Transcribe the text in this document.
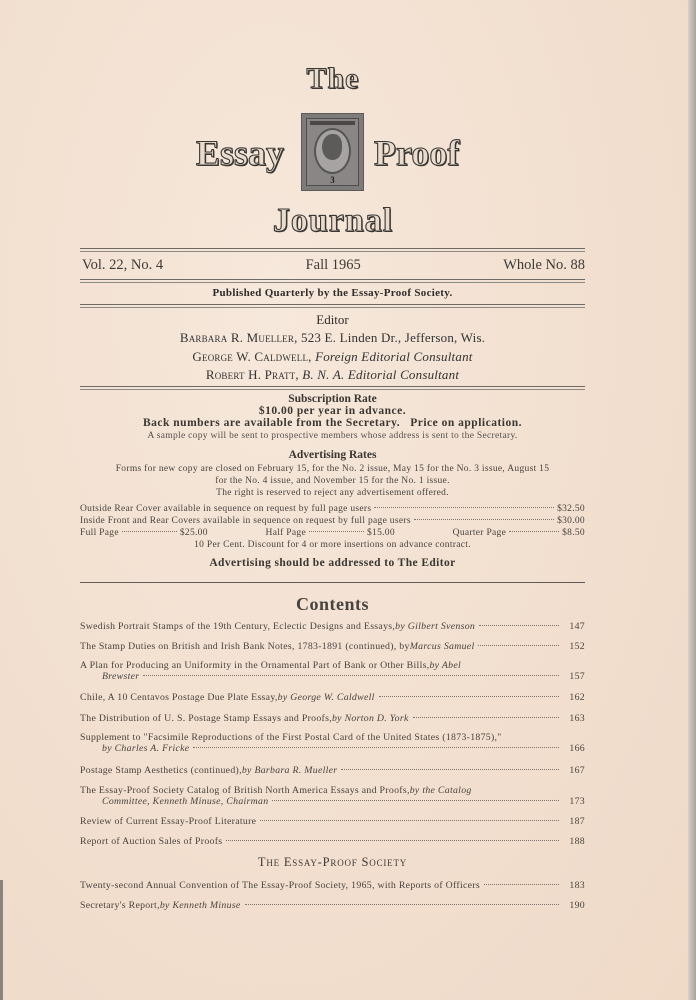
The
Essay
3
Proof
Journal
Vol. 22, No. 4	Fall 1965	Whole No. 88
Published Quarterly by the Essay-Proof Society.
Editor
Barbara R. Mueller, 523 E. Linden Dr., Jefferson, Wis.
George W. Caldwell, Foreign Editorial Consultant
Robert H. Pratt, B. N. A. Editorial Consultant
Subscription Rate
$10.00 per year in advance.
Back numbers are available from the Secretary.   Price on application.
A sample copy will be sent to prospective members whose address is sent to the Secretary.
Advertising Rates
Forms for new copy are closed on February 15, for the No. 2 issue, May 15 for the No. 3 issue, August 15
for the No. 4 issue, and November 15 for the No. 1 issue.
The right is reserved to reject any advertisement offered.
Outside Rear Cover available in sequence on request by full page users	$32.50
Inside Front and Rear Covers available in sequence on request by full page users	$30.00
Full Page	$25.00	Half Page	$15.00	Quarter Page	$8.50
10 Per Cent. Discount for 4 or more insertions on advance contract.
Advertising should be addressed to The Editor
Contents
Swedish Portrait Stamps of the 19th Century, Eclectic Designs and Essays, by Gilbert Svenson	147
The Stamp Duties on British and Irish Bank Notes, 1783-1891 (continued), by Marcus Samuel	152
A Plan for Producing an Uniformity in the Ornamental Part of Bank or Other Bills, by Abel
Brewster	157
Chile, A 10 Centavos Postage Due Plate Essay, by George W. Caldwell	162
The Distribution of U. S. Postage Stamp Essays and Proofs, by Norton D. York	163
Supplement to "Facsimile Reproductions of the First Postal Card of the United States (1873-1875),"
by Charles A. Fricke	166
Postage Stamp Aesthetics (continued), by Barbara R. Mueller	167
The Essay-Proof Society Catalog of British North America Essays and Proofs, by the Catalog
Committee, Kenneth Minuse, Chairman	173
Review of Current Essay-Proof Literature	187
Report of Auction Sales of Proofs	188
The Essay-Proof Society
Twenty-second Annual Convention of The Essay-Proof Society, 1965, with Reports of Officers	183
Secretary's Report, by Kenneth Minuse	190
